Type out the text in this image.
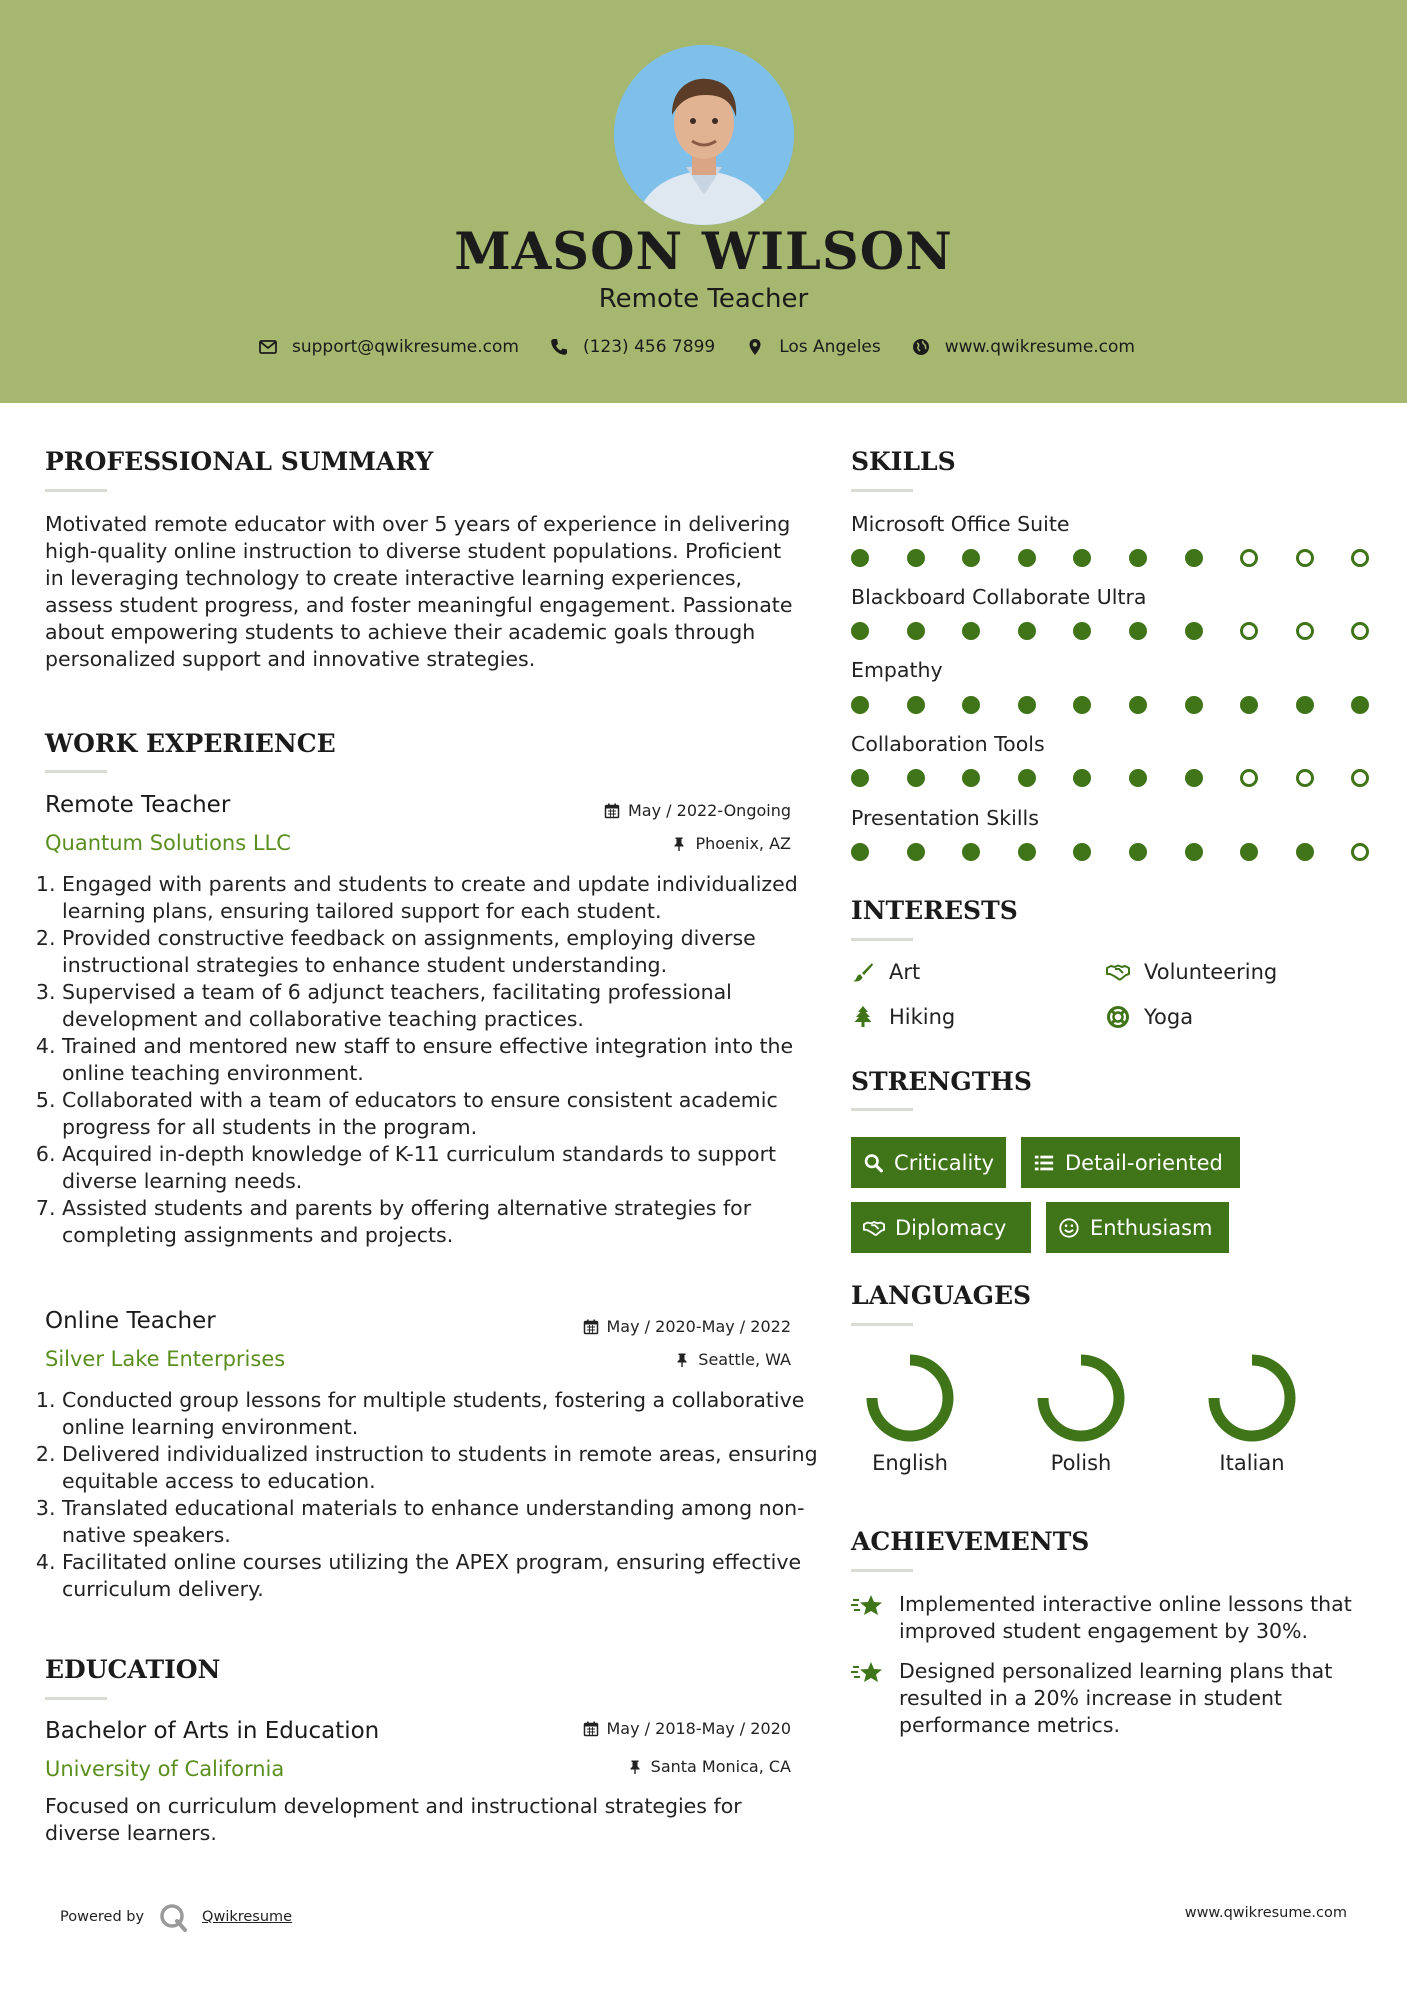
MASON WILSON
Remote Teacher
support@qwikresume.com	(123) 456 7899	Los Angeles	www.qwikresume.com
PROFESSIONAL SUMMARY
Motivated remote educator with over 5 years of experience in delivering high-quality online instruction to diverse student populations. Proficient in leveraging technology to create interactive learning experiences, assess student progress, and foster meaningful engagement. Passionate about empowering students to achieve their academic goals through personalized support and innovative strategies.
WORK EXPERIENCE
Remote Teacher	May / 2022-Ongoing
Quantum Solutions LLC	Phoenix, AZ
1. Engaged with parents and students to create and update individualized learning plans, ensuring tailored support for each student.
2. Provided constructive feedback on assignments, employing diverse instructional strategies to enhance student understanding.
3. Supervised a team of 6 adjunct teachers, facilitating professional development and collaborative teaching practices.
4. Trained and mentored new staff to ensure effective integration into the online teaching environment.
5. Collaborated with a team of educators to ensure consistent academic progress for all students in the program.
6. Acquired in-depth knowledge of K-11 curriculum standards to support diverse learning needs.
7. Assisted students and parents by offering alternative strategies for completing assignments and projects.
Online Teacher	May / 2020-May / 2022
Silver Lake Enterprises	Seattle, WA
1. Conducted group lessons for multiple students, fostering a collaborative online learning environment.
2. Delivered individualized instruction to students in remote areas, ensuring equitable access to education.
3. Translated educational materials to enhance understanding among non-native speakers.
4. Facilitated online courses utilizing the APEX program, ensuring effective curriculum delivery.
EDUCATION
Bachelor of Arts in Education	May / 2018-May / 2020
University of California	Santa Monica, CA
Focused on curriculum development and instructional strategies for diverse learners.
SKILLS
Microsoft Office Suite
Blackboard Collaborate Ultra
Empathy
Collaboration Tools
Presentation Skills
INTERESTS
Art	Volunteering
Hiking	Yoga
STRENGTHS
Criticality	Detail-oriented
Diplomacy	Enthusiasm
LANGUAGES
English	Polish	Italian
ACHIEVEMENTS
Implemented interactive online lessons that improved student engagement by 30%.
Designed personalized learning plans that resulted in a 20% increase in student performance metrics.
Powered by	Qwikresume	www.qwikresume.com
